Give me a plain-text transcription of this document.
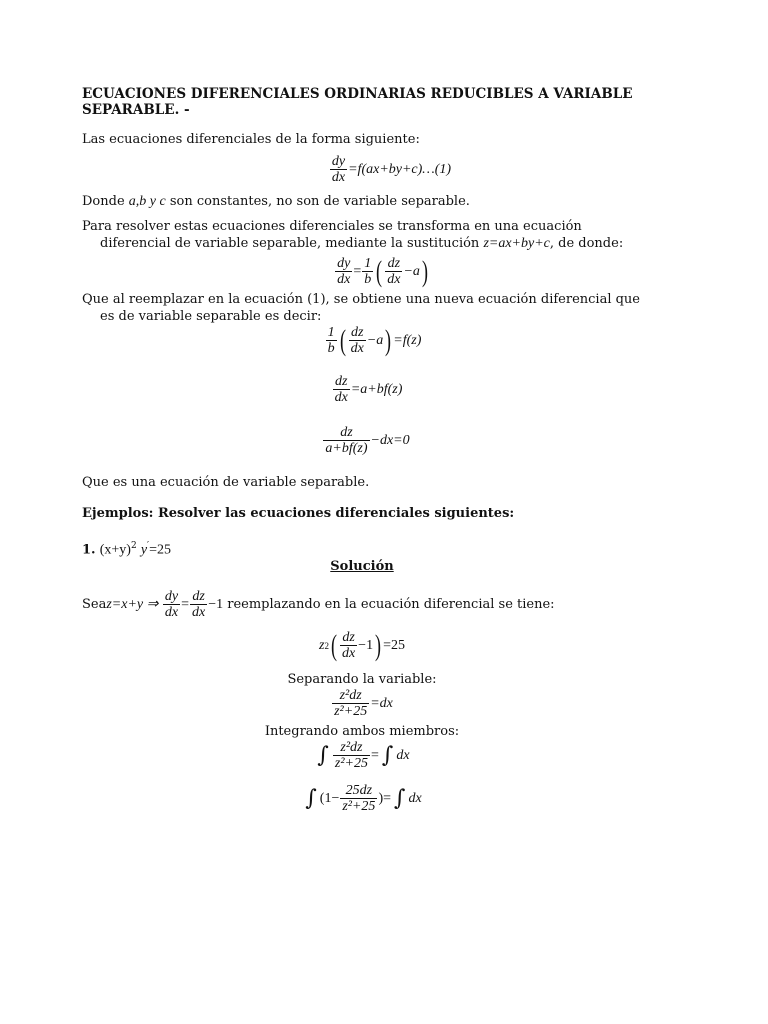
ECUACIONES DIFERENCIALES ORDINARIAS REDUCIBLES A VARIABLE SEPARABLE. -

Las ecuaciones diferenciales de la forma siguiente:

$\frac{dy}{dx}$ =f(ax+by+c)…(1)

Donde a,b y c son constantes, no son de variable separable.

Para resolver estas ecuaciones diferenciales se transforma en una ecuación diferencial de variable separable, mediante la sustitución z=ax+by+c, de donde:

$\frac{dy}{dx} = \frac{1}{b}$ ( $\frac{dz}{dx} -a$ )

Que al reemplazar en la ecuación (1), se obtiene una nueva ecuación diferencial que es de variable separable es decir:

$\frac{1}{b}$ ( $\frac{dz}{dx} -a$ ) =f(z)
$\frac{dz}{dx} =a+bf(z)$
$\frac{dz}{a+bf(z)} -dx=0$

Que es una ecuación de variable separable.

Ejemplos: Resolver las ecuaciones diferenciales siguientes:

1. $(x+y)^2$ y′=25

Solución

Sea z=x+y ⇒ $\frac{dy}{dx} = \frac{dz}{dx} -1$ reemplazando en la ecuación diferencial se tiene:
z 2 ( $\frac{dz}{dx} -1$ ) =25

Separando la variable:

$\frac{\text{z²dz}}{\text{z²+25}} =dx$

Integrando ambos miembros:

∫ $\frac{\text{z²dz}}{\text{z²+25}}$ = ∫ dx
∫ ($1- \frac{25dz}{\text{z²+25}}$ )= ∫ dx
